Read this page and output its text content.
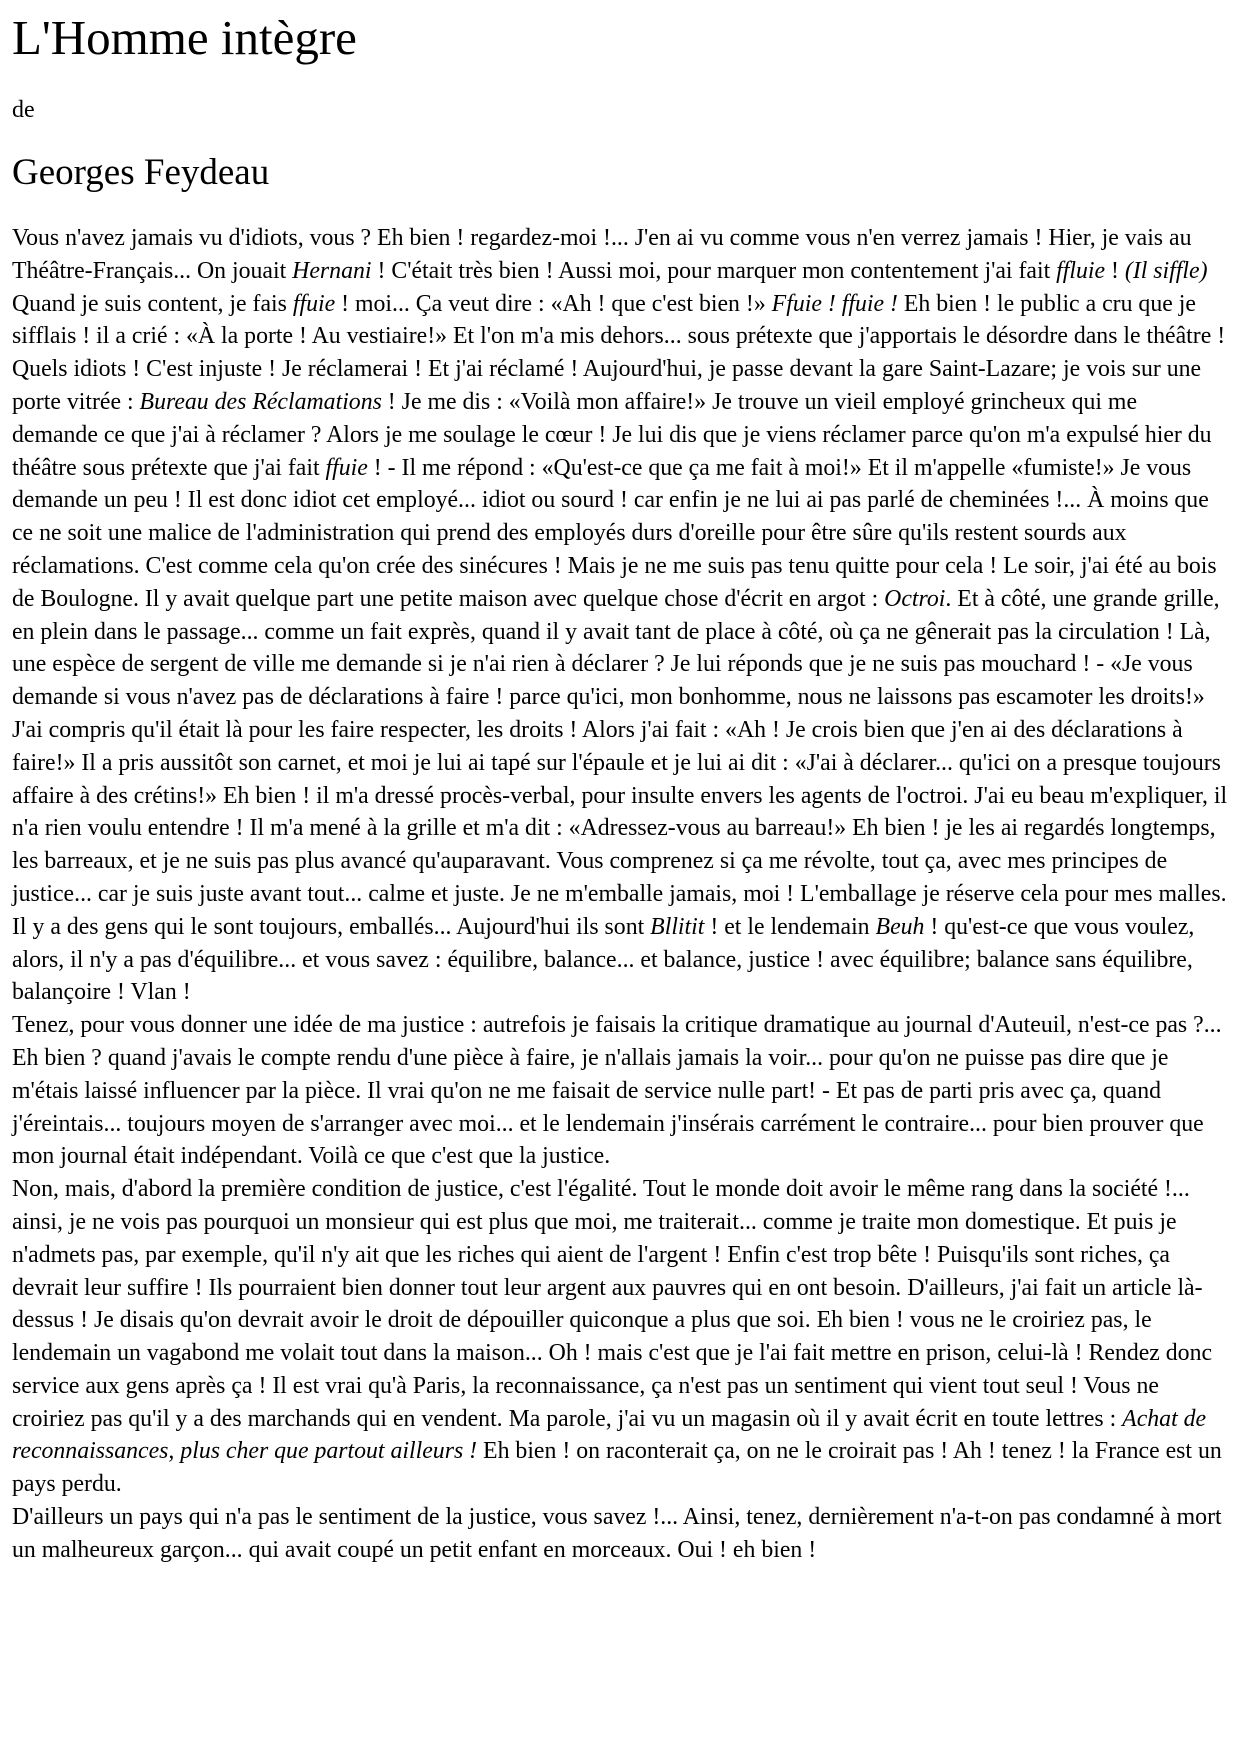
L'Homme intègre
de
Georges Feydeau

Vous n'avez jamais vu d'idiots, vous ? Eh bien ! regardez-moi !... J'en ai vu comme vous n'en verrez jamais ! Hier, je vais au Théâtre-Français... On jouait Hernani ! C'était très bien ! Aussi moi, pour marquer mon contentement j'ai fait ffluie ! (Il siffle) Quand je suis content, je fais ffuie ! moi... Ça veut dire : «Ah ! que c'est bien !» Ffuie ! ffuie ! Eh bien ! le public a cru que je sifflais ! il a crié : «À la porte ! Au vestiaire!» Et l'on m'a mis dehors... sous prétexte que j'apportais le désordre dans le théâtre ! Quels idiots ! C'est injuste ! Je réclamerai ! Et j'ai réclamé ! Aujourd'hui, je passe devant la gare Saint-Lazare; je vois sur une porte vitrée : Bureau des Réclamations ! Je me dis : «Voilà mon affaire!» Je trouve un vieil employé grincheux qui me demande ce que j'ai à réclamer ? Alors je me soulage le cœur ! Je lui dis que je viens réclamer parce qu'on m'a expulsé hier du théâtre sous prétexte que j'ai fait ffuie ! - Il me répond : «Qu'est-ce que ça me fait à moi!» Et il m'appelle «fumiste!» Je vous demande un peu ! Il est donc idiot cet employé... idiot ou sourd ! car enfin je ne lui ai pas parlé de cheminées !... À moins que ce ne soit une malice de l'administration qui prend des employés durs d'oreille pour être sûre qu'ils restent sourds aux réclamations. C'est comme cela qu'on crée des sinécures ! Mais je ne me suis pas tenu quitte pour cela ! Le soir, j'ai été au bois de Boulogne. Il y avait quelque part une petite maison avec quelque chose d'écrit en argot : Octroi. Et à côté, une grande grille, en plein dans le passage... comme un fait exprès, quand il y avait tant de place à côté, où ça ne gênerait pas la circulation ! Là, une espèce de sergent de ville me demande si je n'ai rien à déclarer ? Je lui réponds que je ne suis pas mouchard ! - «Je vous demande si vous n'avez pas de déclarations à faire ! parce qu'ici, mon bonhomme, nous ne laissons pas escamoter les droits!» J'ai compris qu'il était là pour les faire respecter, les droits ! Alors j'ai fait : «Ah ! Je crois bien que j'en ai des déclarations à faire!» Il a pris aussitôt son carnet, et moi je lui ai tapé sur l'épaule et je lui ai dit : «J'ai à déclarer... qu'ici on a presque toujours affaire à des crétins!» Eh bien ! il m'a dressé procès-verbal, pour insulte envers les agents de l'octroi. J'ai eu beau m'expliquer, il n'a rien voulu entendre ! Il m'a mené à la grille et m'a dit : «Adressez-vous au barreau!» Eh bien ! je les ai regardés longtemps, les barreaux, et je ne suis pas plus avancé qu'auparavant. Vous comprenez si ça me révolte, tout ça, avec mes principes de justice... car je suis juste avant tout... calme et juste. Je ne m'emballe jamais, moi ! L'emballage je réserve cela pour mes malles. Il y a des gens qui le sont toujours, emballés... Aujourd'hui ils sont Bllitit ! et le lendemain Beuh ! qu'est-ce que vous voulez, alors, il n'y a pas d'équilibre... et vous savez : équilibre, balance... et balance, justice ! avec équilibre; balance sans équilibre, balançoire ! Vlan !

Tenez, pour vous donner une idée de ma justice : autrefois je faisais la critique dramatique au journal d'Auteuil, n'est-ce pas ?... Eh bien ? quand j'avais le compte rendu d'une pièce à faire, je n'allais jamais la voir... pour qu'on ne puisse pas dire que je m'étais laissé influencer par la pièce. Il vrai qu'on ne me faisait de service nulle part! - Et pas de parti pris avec ça, quand j'éreintais... toujours moyen de s'arranger avec moi... et le lendemain j'insérais carrément le contraire... pour bien prouver que mon journal était indépendant. Voilà ce que c'est que la justice.

Non, mais, d'abord la première condition de justice, c'est l'égalité. Tout le monde doit avoir le même rang dans la société !... ainsi, je ne vois pas pourquoi un monsieur qui est plus que moi, me traiterait... comme je traite mon domestique. Et puis je n'admets pas, par exemple, qu'il n'y ait que les riches qui aient de l'argent ! Enfin c'est trop bête ! Puisqu'ils sont riches, ça devrait leur suffire ! Ils pourraient bien donner tout leur argent aux pauvres qui en ont besoin. D'ailleurs, j'ai fait un article là-dessus ! Je disais qu'on devrait avoir le droit de dépouiller quiconque a plus que soi. Eh bien ! vous ne le croiriez pas, le lendemain un vagabond me volait tout dans la maison... Oh ! mais c'est que je l'ai fait mettre en prison, celui-là ! Rendez donc service aux gens après ça ! Il est vrai qu'à Paris, la reconnaissance, ça n'est pas un sentiment qui vient tout seul ! Vous ne croiriez pas qu'il y a des marchands qui en vendent. Ma parole, j'ai vu un magasin où il y avait écrit en toute lettres : Achat de reconnaissances, plus cher que partout ailleurs ! Eh bien ! on raconterait ça, on ne le croirait pas ! Ah ! tenez ! la France est un pays perdu.

D'ailleurs un pays qui n'a pas le sentiment de la justice, vous savez !... Ainsi, tenez, dernièrement n'a-t-on pas condamné à mort un malheureux garçon... qui avait coupé un petit enfant en morceaux. Oui ! eh bien !
